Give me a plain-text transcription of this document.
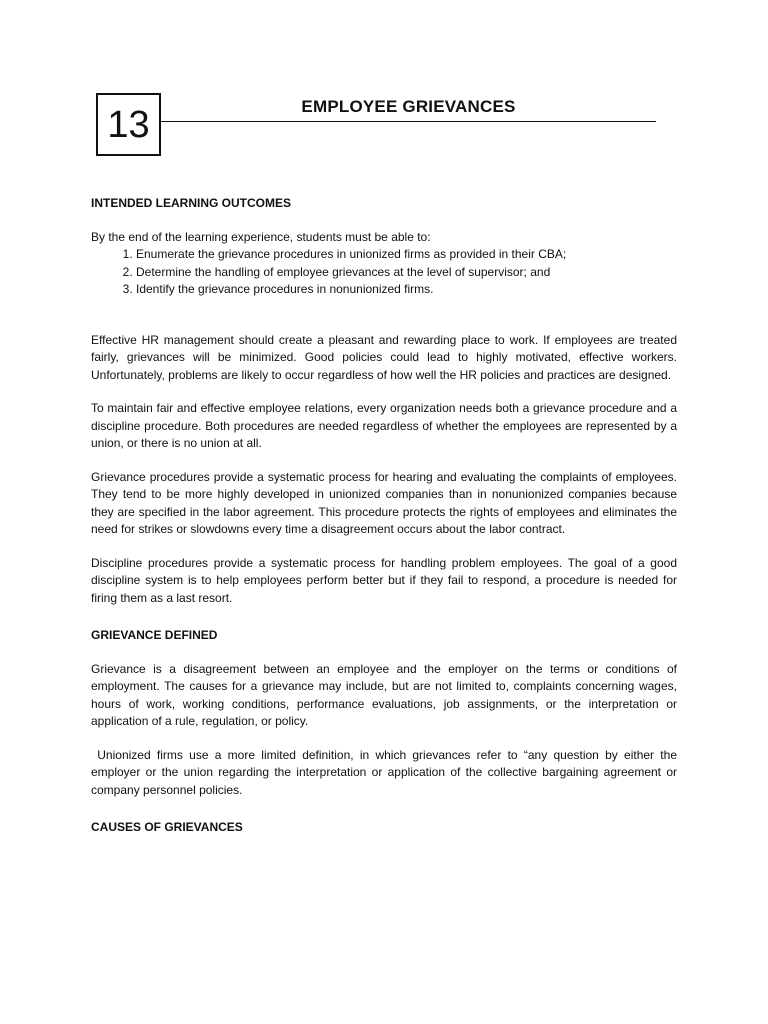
13	EMPLOYEE GRIEVANCES
INTENDED LEARNING OUTCOMES

By the end of the learning experience, students must be able to:

1. Enumerate the grievance procedures in unionized firms as provided in their CBA;
2. Determine the handling of employee grievances at the level of supervisor; and
3. Identify the grievance procedures in nonunionized firms.

Effective HR management should create a pleasant and rewarding place to work. If employees are treated fairly, grievances will be minimized. Good policies could lead to highly motivated, effective workers. Unfortunately, problems are likely to occur regardless of how well the HR policies and practices are designed.

To maintain fair and effective employee relations, every organization needs both a grievance procedure and a discipline procedure. Both procedures are needed regardless of whether the employees are represented by a union, or there is no union at all.

Grievance procedures provide a systematic process for hearing and evaluating the complaints of employees. They tend to be more highly developed in unionized companies than in nonunionized companies because they are specified in the labor agreement. This procedure protects the rights of employees and eliminates the need for strikes or slowdowns every time a disagreement occurs about the labor contract.

Discipline procedures provide a systematic process for handling problem employees. The goal of a good discipline system is to help employees perform better but if they fail to respond, a procedure is needed for firing them as a last resort.

GRIEVANCE DEFINED

Grievance is a disagreement between an employee and the employer on the terms or conditions of employment. The causes for a grievance may include, but are not limited to, complaints concerning wages, hours of work, working conditions, performance evaluations, job assignments, or the interpretation or application of a rule, regulation, or policy.

Unionized firms use a more limited definition, in which grievances refer to “any question by either the employer or the union regarding the interpretation or application of the collective bargaining agreement or company personnel policies.

CAUSES OF GRIEVANCES
